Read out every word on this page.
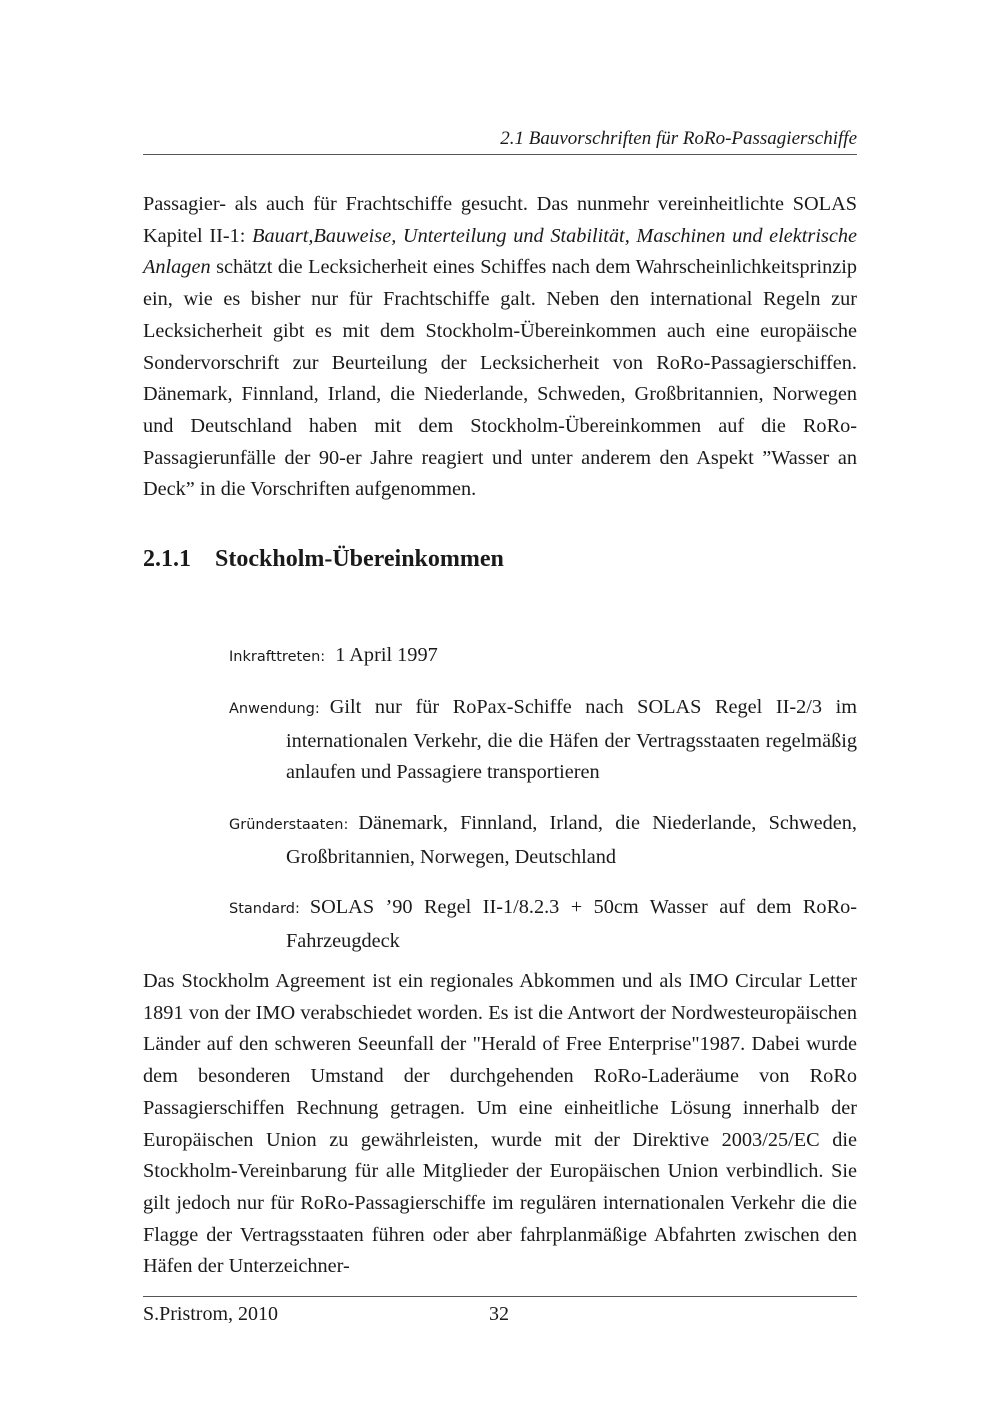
2.1 Bauvorschriften für RoRo-Passagierschiffe

Passagier- als auch für Frachtschiffe gesucht. Das nunmehr vereinheitlichte SOLAS Kapitel II-1: Bauart,Bauweise, Unterteilung und Stabilität, Maschinen und elektrische Anlagen schätzt die Lecksicherheit eines Schiffes nach dem Wahrscheinlichkeitsprinzip ein, wie es bisher nur für Frachtschiffe galt. Neben den international Regeln zur Lecksicherheit gibt es mit dem Stockholm-Übereinkommen auch eine europäische Sondervorschrift zur Beurteilung der Lecksicherheit von RoRo-Passagierschiffen. Dänemark, Finnland, Irland, die Niederlande, Schweden, Großbritannien, Norwegen und Deutschland haben mit dem Stockholm-Übereinkommen auf die RoRo-Passagierunfälle der 90-er Jahre reagiert und unter anderem den Aspekt ”Wasser an Deck” in die Vorschriften aufgenommen.

2.1.1 Stockholm-Übereinkommen

Inkrafttreten: 1 April 1997

Anwendung: Gilt nur für RoPax-Schiffe nach SOLAS Regel II-2/3 im internationalen Verkehr, die die Häfen der Vertragsstaaten regelmäßig anlaufen und Passagiere transportieren

Gründerstaaten: Dänemark, Finnland, Irland, die Niederlande, Schweden, Großbritannien, Norwegen, Deutschland

Standard: SOLAS ’90 Regel II-1/8.2.3 + 50cm Wasser auf dem RoRo-Fahrzeugdeck

Das Stockholm Agreement ist ein regionales Abkommen und als IMO Circular Letter 1891 von der IMO verabschiedet worden. Es ist die Antwort der Nordwesteuropäischen Länder auf den schweren Seeunfall der "Herald of Free Enterprise"1987. Dabei wurde dem besonderen Umstand der durchgehenden RoRo-Laderäume von RoRo Passagierschiffen Rechnung getragen. Um eine einheitliche Lösung innerhalb der Europäischen Union zu gewährleisten, wurde mit der Direktive 2003/25/EC die Stockholm-Vereinbarung für alle Mitglieder der Europäischen Union verbindlich. Sie gilt jedoch nur für RoRo-Passagierschiffe im regulären internationalen Verkehr die die Flagge der Vertragsstaaten führen oder aber fahrplanmäßige Abfahrten zwischen den Häfen der Unterzeichner-

S.Pristrom, 2010	32
